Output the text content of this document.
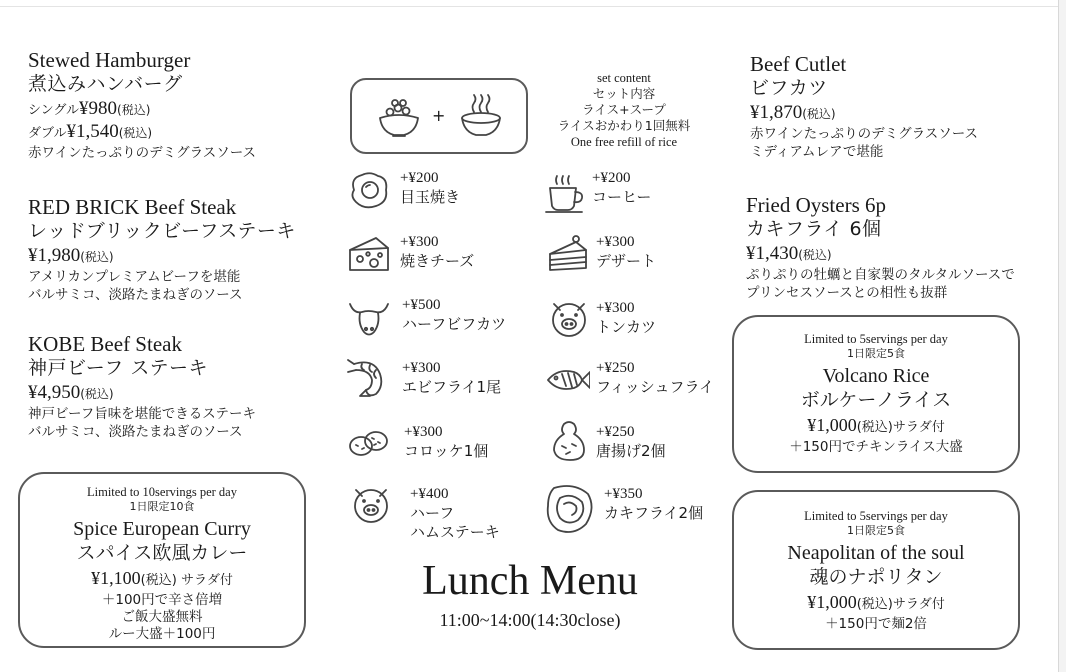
Stewed Hamburger
煮込みハンバーグ
シングル¥980(税込)
ダブル¥1,540(税込)
赤ワインたっぷりのデミグラスソース
RED BRICK Beef Steak
レッドブリックビーフステーキ
¥1,980(税込)
アメリカンプレミアムビーフを堪能
バルサミコ、淡路たまねぎのソース
KOBE Beef Steak
神戸ビーフ ステーキ
¥4,950(税込)
神戸ビーフ旨味を堪能できるステーキ
バルサミコ、淡路たまねぎのソース
Limited to 10servings per day
1日限定10食
Spice European Curry
スパイス欧風カレー
¥1,100(税込) サラダ付
＋100円で辛さ倍増
ご飯大盛無料
ルー大盛＋100円
+
set content
セット内容
ライス+スープ
ライスおかわり1回無料
One free refill of rice
+¥200
目玉焼き
+¥300
焼きチーズ
+¥500
ハーフビフカツ
+¥300
エビフライ1尾
+¥300
コロッケ1個
+¥400
ハーフ
ハムステーキ
+¥200
コーヒー
+¥300
デザート
+¥300
トンカツ
+¥250
フィッシュフライ
+¥250
唐揚げ2個
+¥350
カキフライ2個
Lunch Menu
11:00~14:00(14:30close)
Beef Cutlet
ビフカツ
¥1,870(税込)
赤ワインたっぷりのデミグラスソース
ミディアムレアで堪能
Fried Oysters 6p
カキフライ 6個
¥1,430(税込)
ぷりぷりの牡蠣と自家製のタルタルソースで
プリンセスソースとの相性も抜群
Limited to 5servings per day
1日限定5食
Volcano Rice
ボルケーノライス
¥1,000(税込)サラダ付
＋150円でチキンライス大盛
Limited to 5servings per day
1日限定5食
Neapolitan of the soul
魂のナポリタン
¥1,000(税込)サラダ付
＋150円で麺2倍
